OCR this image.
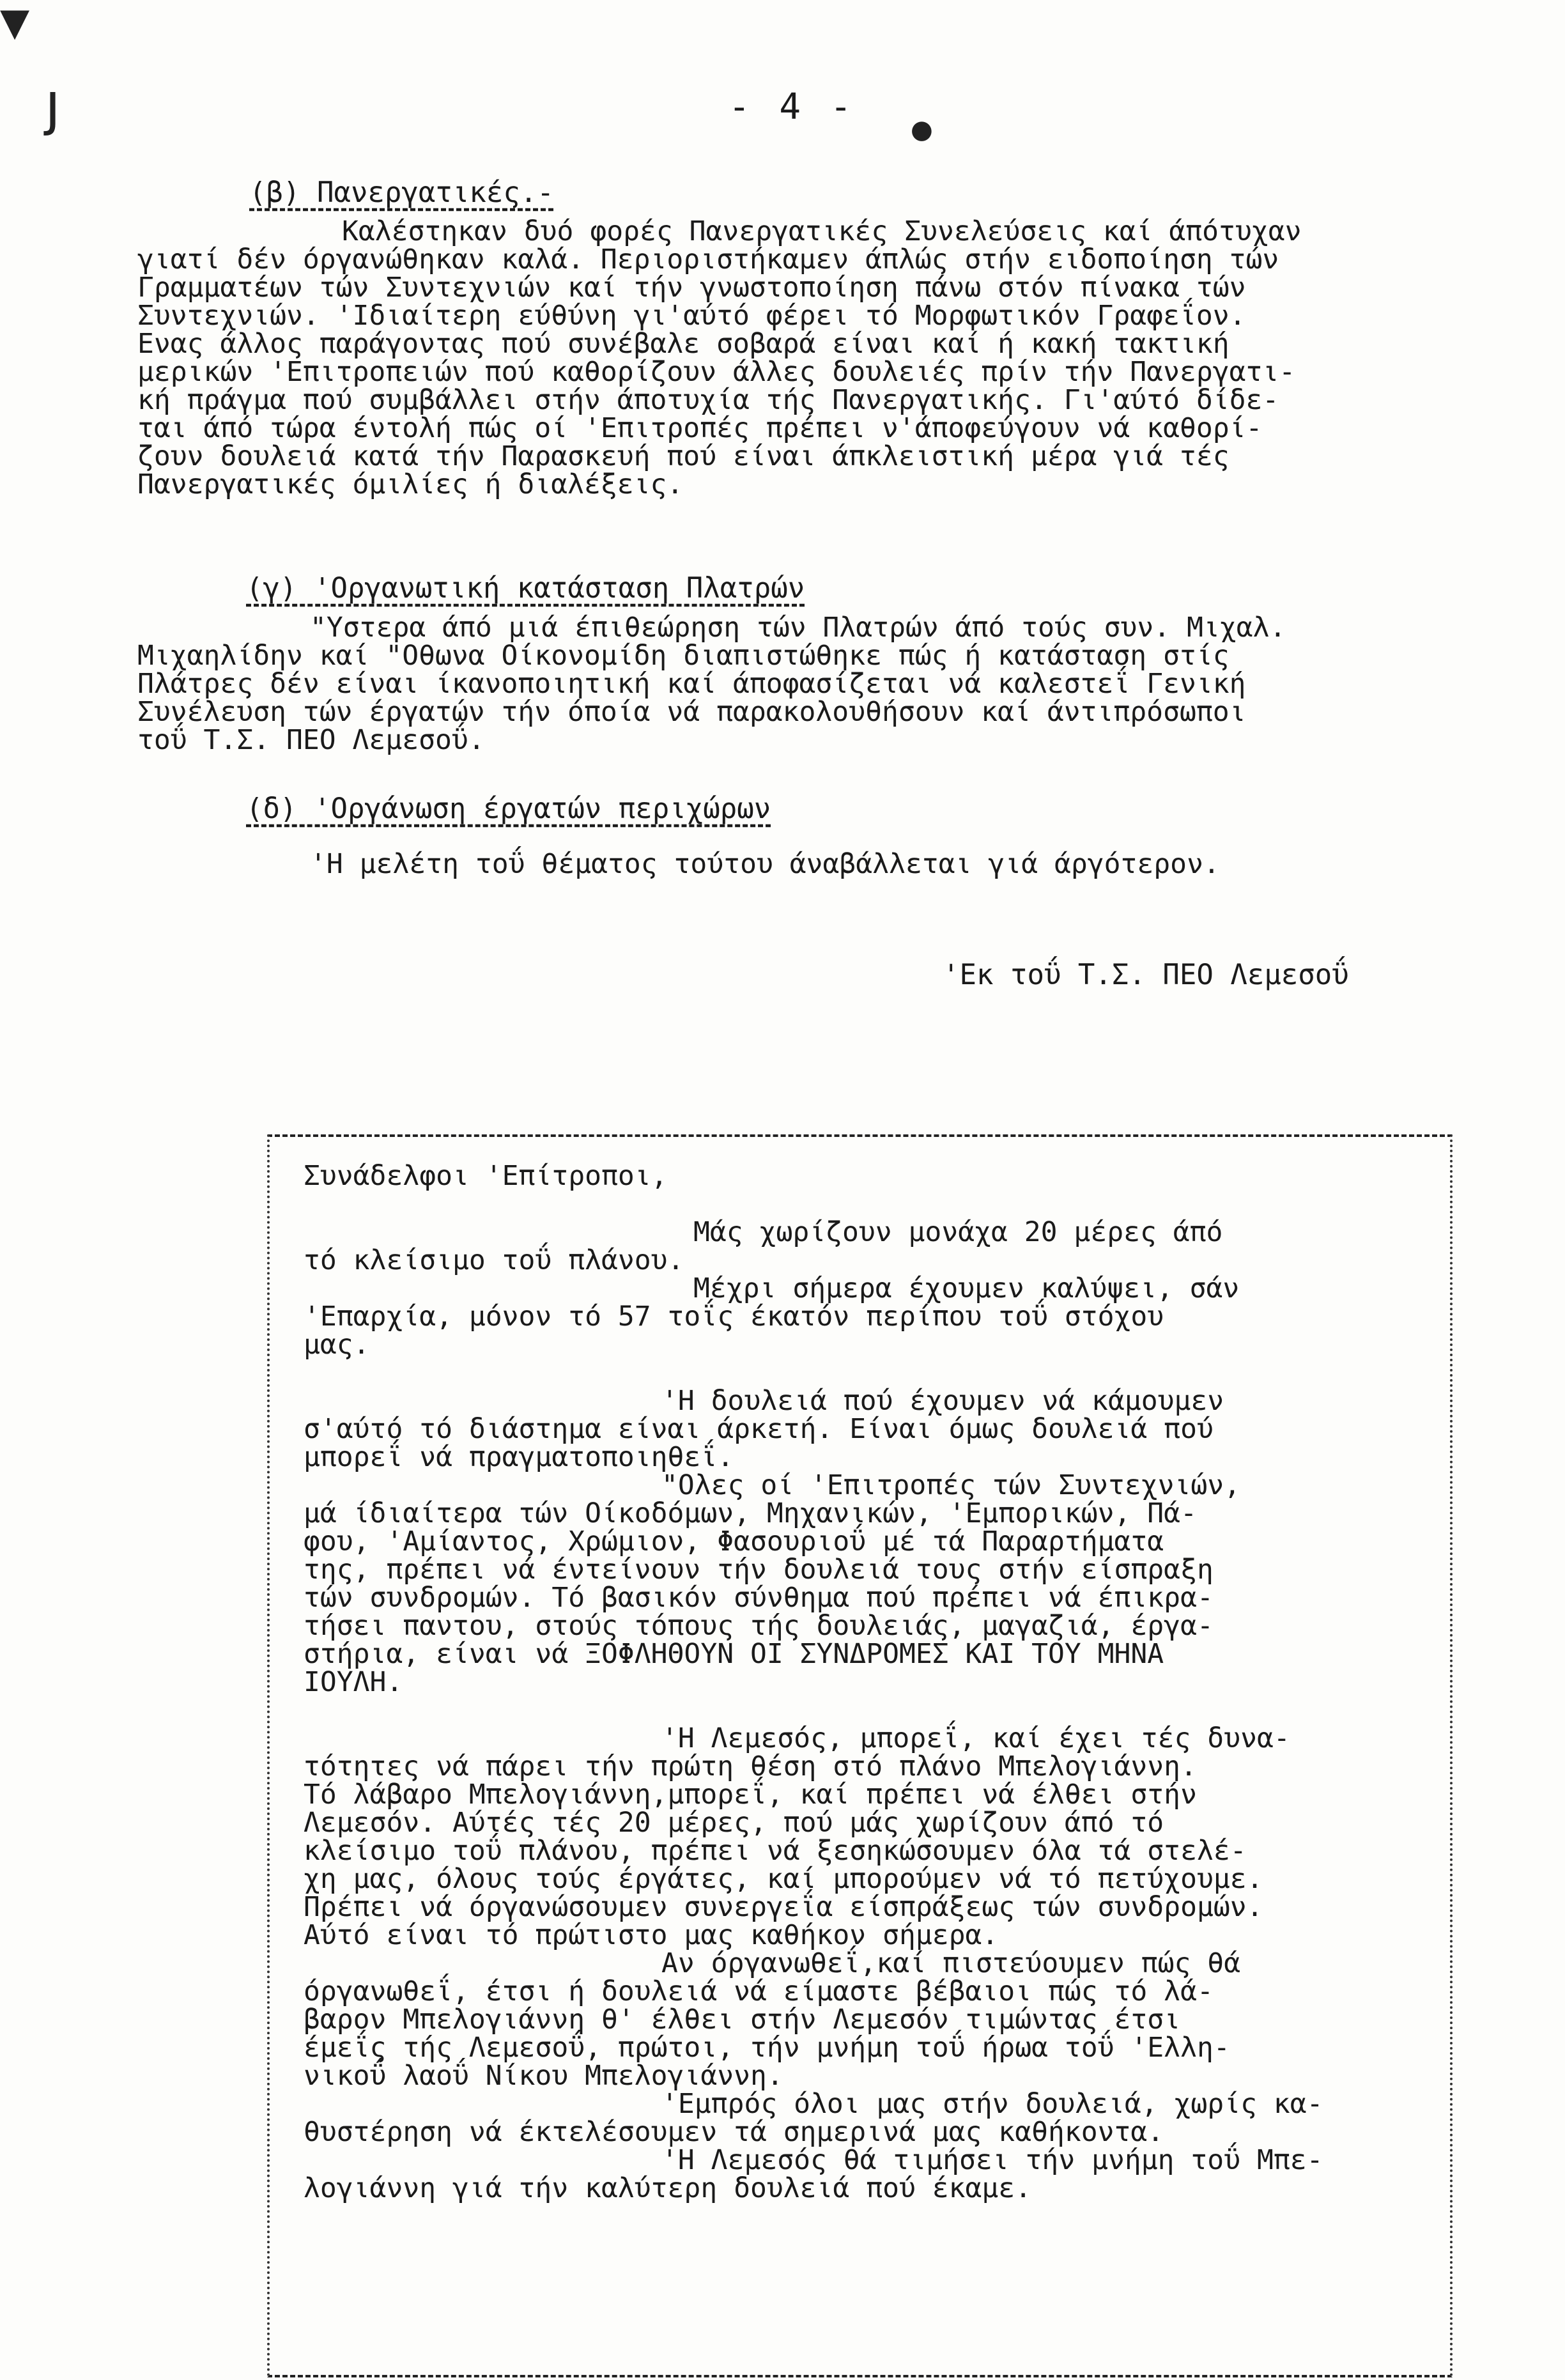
▼
ȷ	●
- 4 -
(β) Πανεργατικές.-
Καλέστηκαν δυό φορές Πανεργατικές Συνελεύσεις καί άπότυχαν
γιατί δέν όργανώθηκαν καλά. Περιοριστήκαμεν άπλώς στήν ειδοποίηση τών
Γραμματέων τών Συντεχνιών καί τήν γνωστοποίηση πάνω στόν πίνακα τών
Συντεχνιών. 'Ιδιαίτερη εύθύνη γι'αύτό φέρει τό Μορφωτικόν Γραφεΐον.
Ενας άλλος παράγοντας πού συνέβαλε σοβαρά είναι καί ή κακή τακτική
μερικών 'Επιτροπειών πού καθορίζουν άλλες δουλειές πρίν τήν Πανεργατι-
κή πράγμα πού συμβάλλει στήν άποτυχία τής Πανεργατικής. Γι'αύτό δίδε-
ται άπό τώρα έντολή πώς οί 'Επιτροπές πρέπει ν'άποφεύγουν νά καθορί-
ζουν δουλειά κατά τήν Παρασκευή πού είναι άπκλειστική μέρα γιά τές
Πανεργατικές όμιλίες ή διαλέξεις.
(γ) 'Οργανωτική κατάσταση Πλατρών
"Υστερα άπό μιά έπιθεώρηση τών Πλατρών άπό τούς συν. Μιχαλ.
Μιχαηλίδην καί "Οθωνα Οίκονομίδη διαπιστώθηκε πώς ή κατάσταση στίς
Πλάτρες δέν είναι ίκανοποιητική καί άποφασίζεται νά καλεστεΐ Γενική
Συνέλευση τών έργατών τήν όποία νά παρακολουθήσουν καί άντιπρόσωποι
τοΰ Τ.Σ. ΠΕΟ Λεμεσοΰ.
(δ) 'Οργάνωση έργατών περιχώρων
'Η μελέτη τοΰ θέματος τούτου άναβάλλεται γιά άργότερον.
'Εκ τοΰ Τ.Σ. ΠΕΟ Λεμεσοΰ
Συνάδελφοι 'Επίτροποι,
Μάς χωρίζουν μονάχα 20 μέρες άπό
τό κλείσιμο τοΰ πλάνου.
Μέχρι σήμερα έχουμεν καλύψει, σάν
'Επαρχία, μόνον τό 57 τοΐς έκατόν περίπου τοΰ στόχου
μας.
'Η δουλειά πού έχουμεν νά κάμουμεν
σ'αύτό τό διάστημα είναι άρκετή. Είναι όμως δουλειά πού
μπορεΐ νά πραγματοποιηθεΐ.
"Ολες οί 'Επιτροπές τών Συντεχνιών,
μά ίδιαίτερα τών Οίκοδόμων, Μηχανικών, 'Εμπορικών, Πά-
φου, 'Αμίαντος, Χρώμιον, Φασουριοΰ μέ τά Παραρτήματα
της, πρέπει νά έντείνουν τήν δουλειά τους στήν είσπραξη
τών συνδρομών. Τό βασικόν σύνθημα πού πρέπει νά έπικρα-
τήσει παντου, στούς τόπους τής δουλειάς, μαγαζιά, έργα-
στήρια, είναι νά ΞΟΦΛΗΘΟΥΝ ΟΙ ΣΥΝΔΡΟΜΕΣ ΚΑΙ ΤΟΥ ΜΗΝΑ
ΙΟΥΛΗ.
'Η Λεμεσός, μπορεΐ, καί έχει τές δυνα-
τότητες νά πάρει τήν πρώτη θέση στό πλάνο Μπελογιάννη.
Τό λάβαρο Μπελογιάννη,μπορεΐ, καί πρέπει νά έλθει στήν
Λεμεσόν. Αύτές τές 20 μέρες, πού μάς χωρίζουν άπό τό
κλείσιμο τοΰ πλάνου, πρέπει νά ξεσηκώσουμεν όλα τά στελέ-
χη μας, όλους τούς έργάτες, καί μπορούμεν νά τό πετύχουμε.
Πρέπει νά όργανώσουμεν συνεργεΐα είσπράξεως τών συνδρομών.
Αύτό είναι τό πρώτιστο μας καθήκον σήμερα.
Αν όργανωθεΐ,καί πιστεύουμεν πώς θά
όργανωθεΐ, έτσι ή δουλειά νά είμαστε βέβαιοι πώς τό λά-
βαρον Μπελογιάννη θ' έλθει στήν Λεμεσόν τιμώντας έτσι
έμεΐς τής Λεμεσοΰ, πρώτοι, τήν μνήμη τοΰ ήρωα τοΰ 'Ελλη-
νικοΰ λαοΰ Νίκου Μπελογιάννη.
'Εμπρός όλοι μας στήν δουλειά, χωρίς κα-
θυστέρηση νά έκτελέσουμεν τά σημερινά μας καθήκοντα.
'Η Λεμεσός θά τιμήσει τήν μνήμη τοΰ Μπε-
λογιάννη γιά τήν καλύτερη δουλειά πού έκαμε.
